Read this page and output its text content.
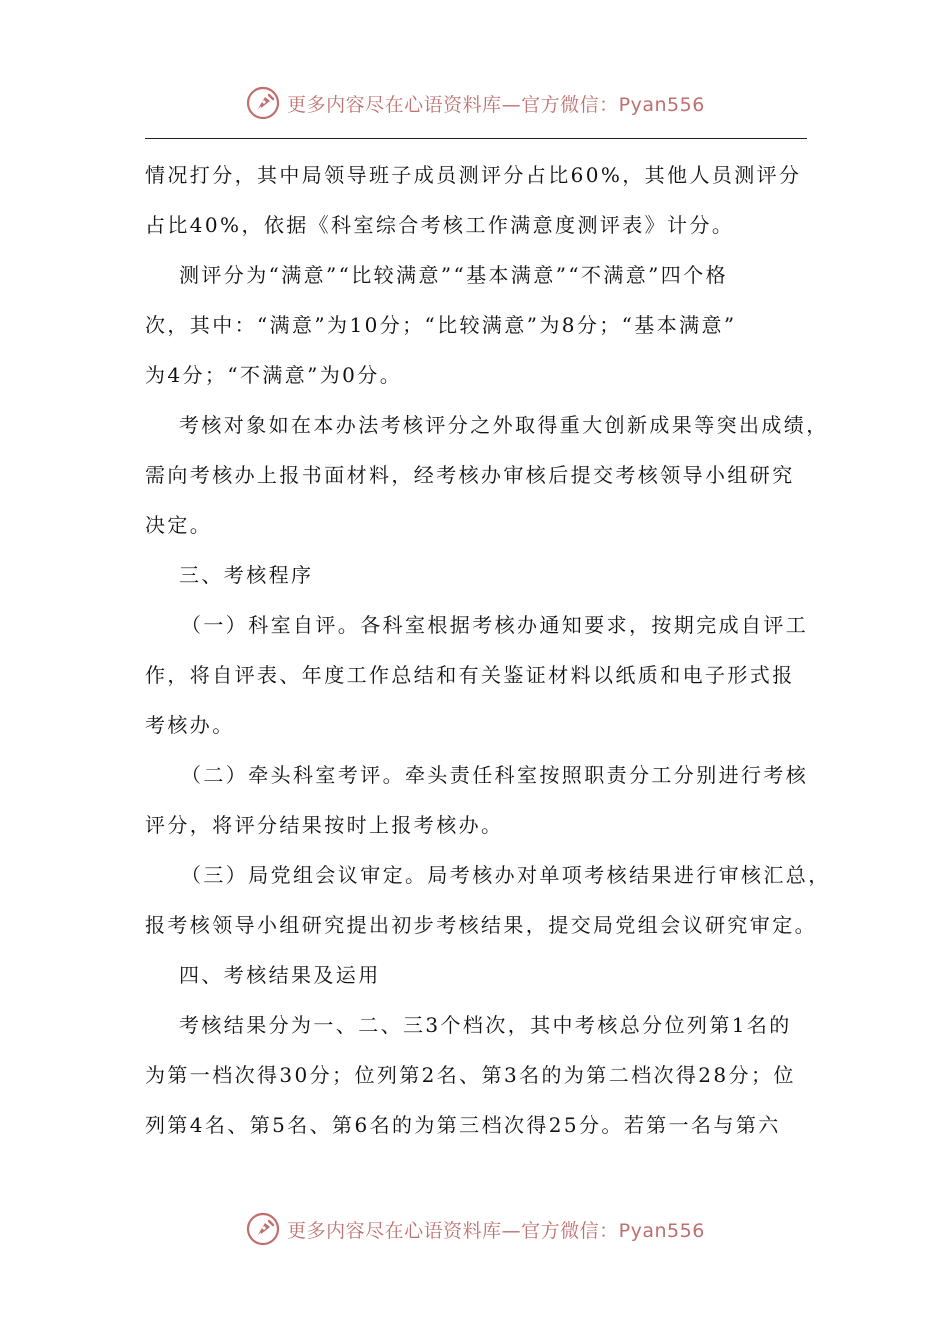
更多内容尽在心语资料库—官方微信：Pyan556
情况打分，其中局领导班子成员测评分占比60%，其他人员测评分
占比40%，依据《科室综合考核工作满意度测评表》计分。
测评分为“满意”“比较满意”“基本满意”“不满意”四个格
次，其中：“满意”为10分；“比较满意”为8分；“基本满意”
为4分；“不满意”为0分。
考核对象如在本办法考核评分之外取得重大创新成果等突出成绩，
需向考核办上报书面材料，经考核办审核后提交考核领导小组研究
决定。
三、考核程序
（一）科室自评。各科室根据考核办通知要求，按期完成自评工
作，将自评表、年度工作总结和有关鉴证材料以纸质和电子形式报
考核办。
（二）牵头科室考评。牵头责任科室按照职责分工分别进行考核
评分，将评分结果按时上报考核办。
（三）局党组会议审定。局考核办对单项考核结果进行审核汇总，
报考核领导小组研究提出初步考核结果，提交局党组会议研究审定。
四、考核结果及运用
考核结果分为一、二、三3个档次，其中考核总分位列第1名的
为第一档次得30分；位列第2名、第3名的为第二档次得28分；位
列第4名、第5名、第6名的为第三档次得25分。若第一名与第六
更多内容尽在心语资料库—官方微信：Pyan556
